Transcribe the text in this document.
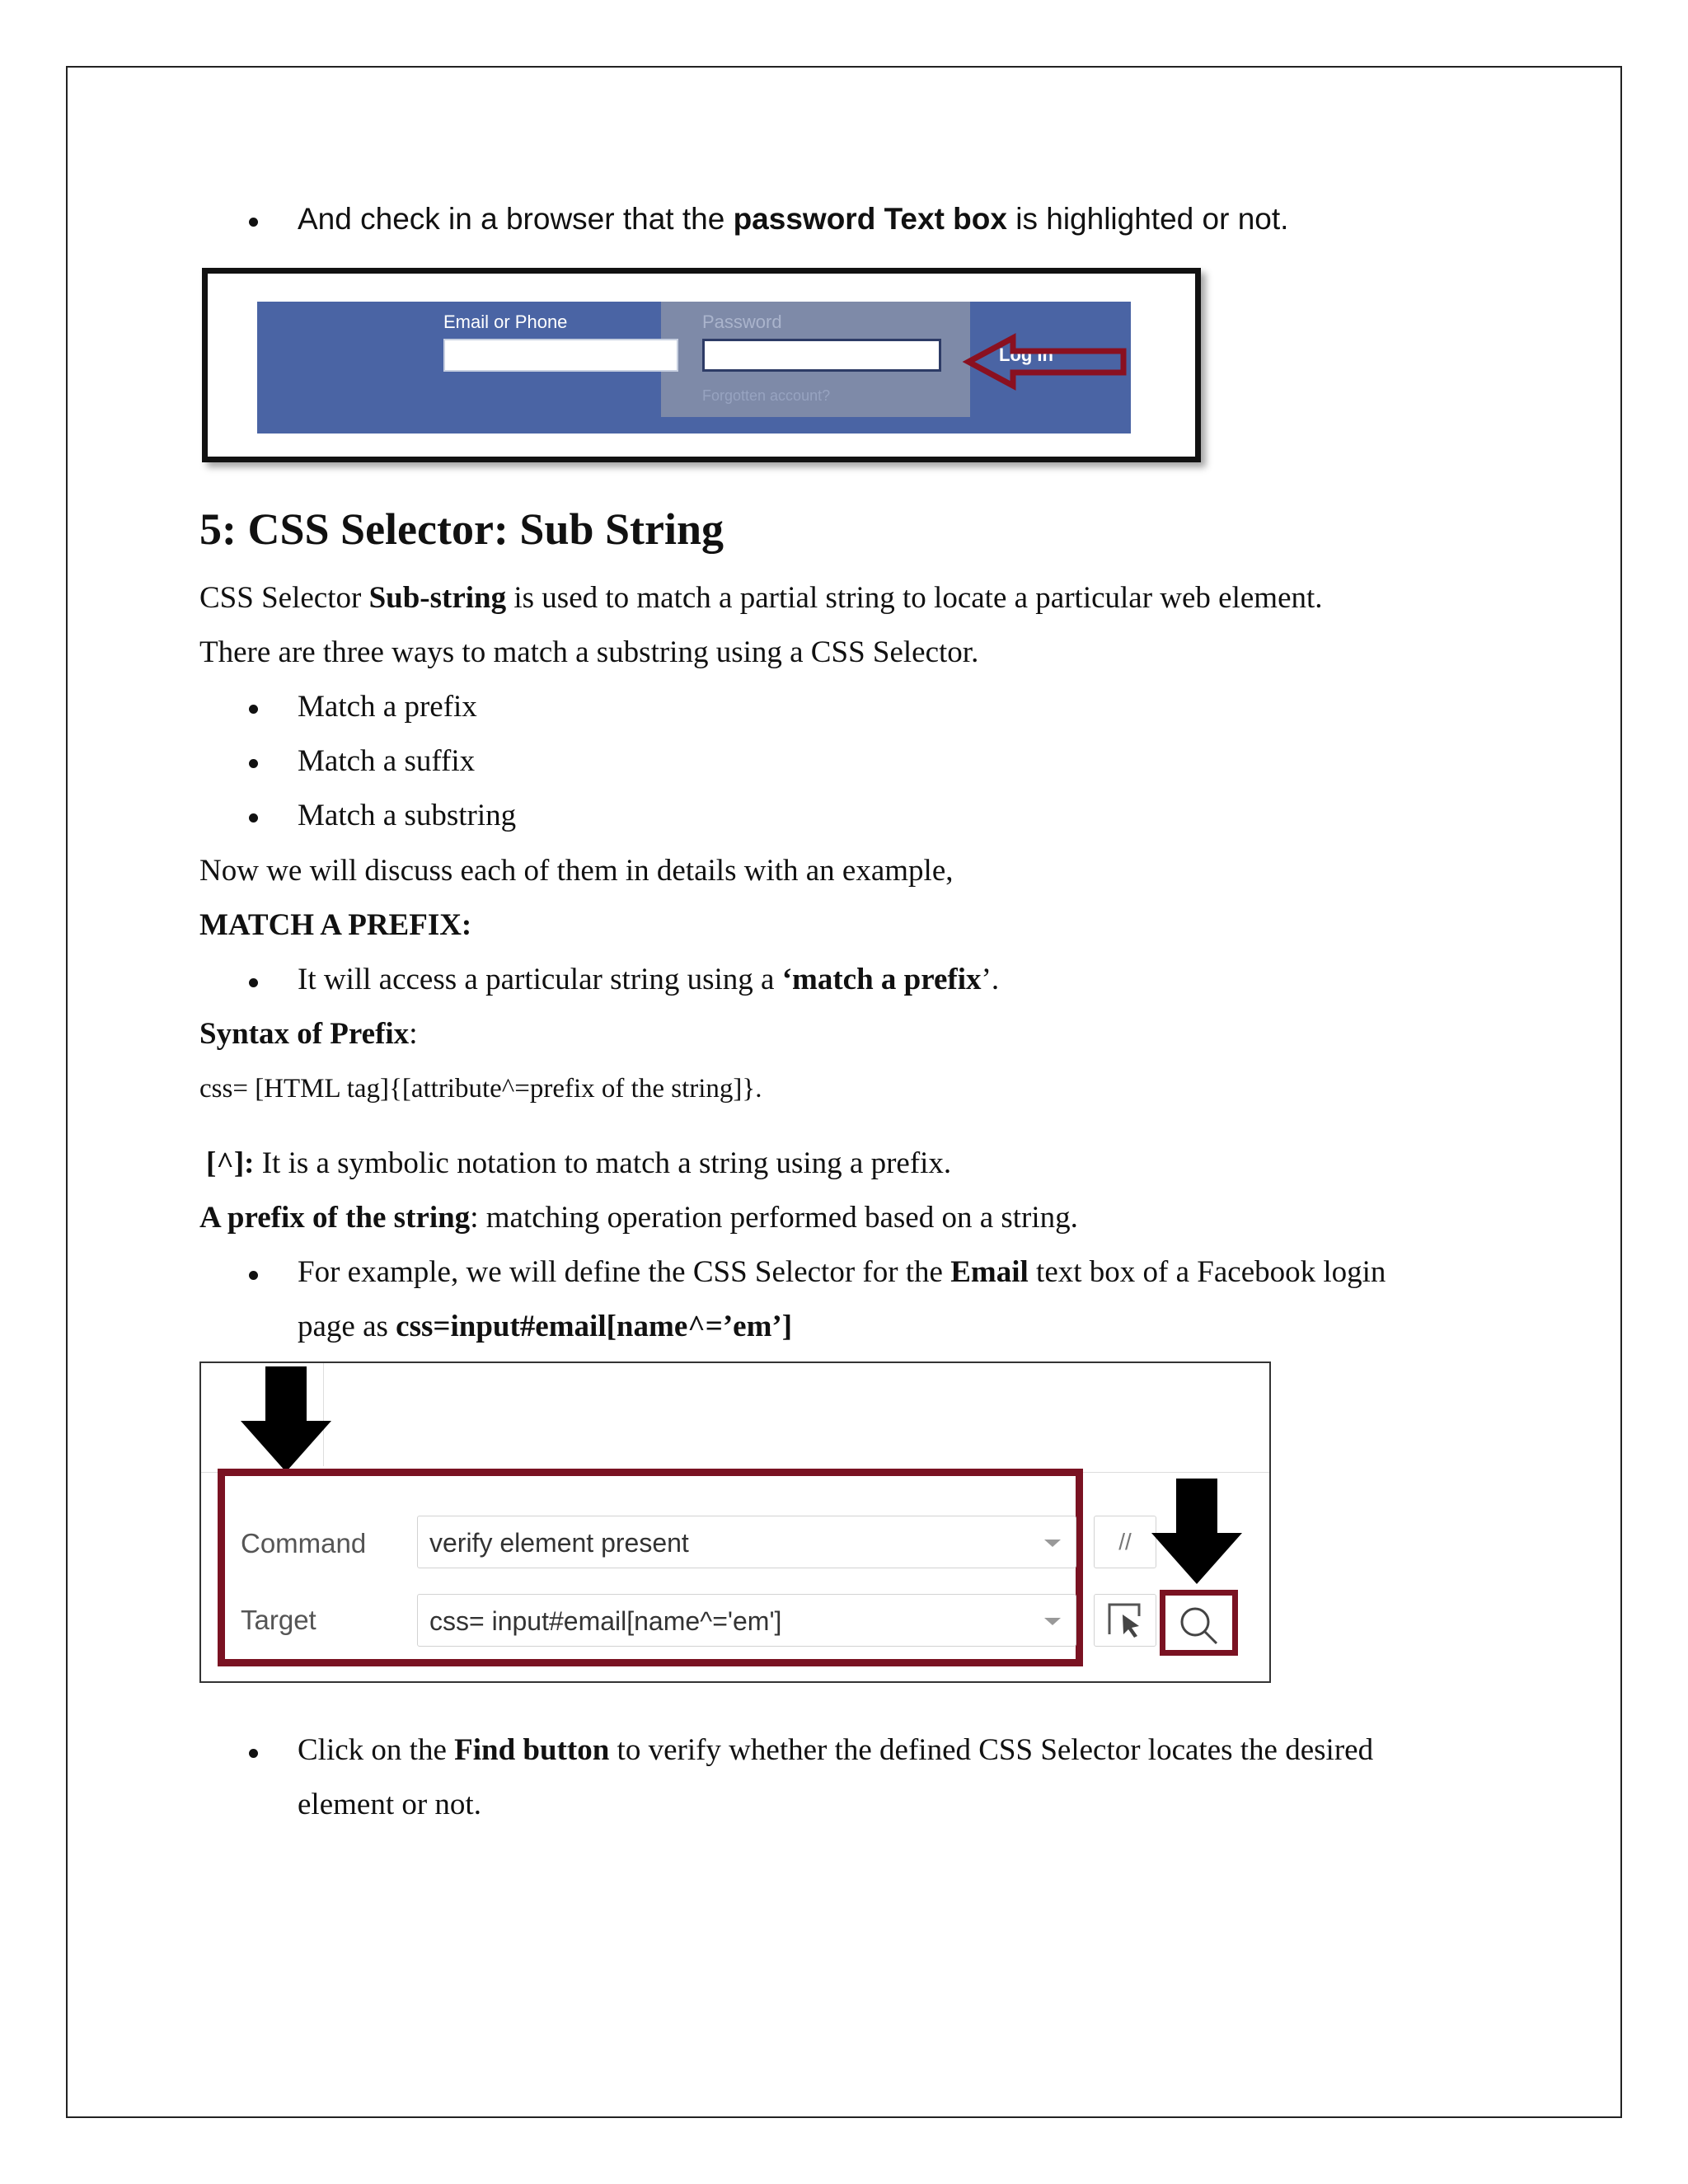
And check in a browser that the password Text box is highlighted or not.
Email or Phone	Password
Forgotten account?
Log In
5: CSS Selector: Sub String
CSS Selector Sub-string is used to match a partial string to locate a particular web element.
There are three ways to match a substring using a CSS Selector.
Match a prefix
Match a suffix
Match a substring
Now we will discuss each of them in details with an example,
MATCH A PREFIX:
It will access a particular string using a ‘match a prefix’.
Syntax of Prefix:
css= [HTML tag]{[attribute^=prefix of the string]}.
[^]: It is a symbolic notation to match a string using a prefix.
A prefix of the string: matching operation performed based on a string.
For example, we will define the CSS Selector for the Email text box of a Facebook login
page as css=input#email[name^=’em’]
Command	verify element present
Target	css= input#email[name^='em']
//
Click on the Find button to verify whether the defined CSS Selector locates the desired
element or not.
